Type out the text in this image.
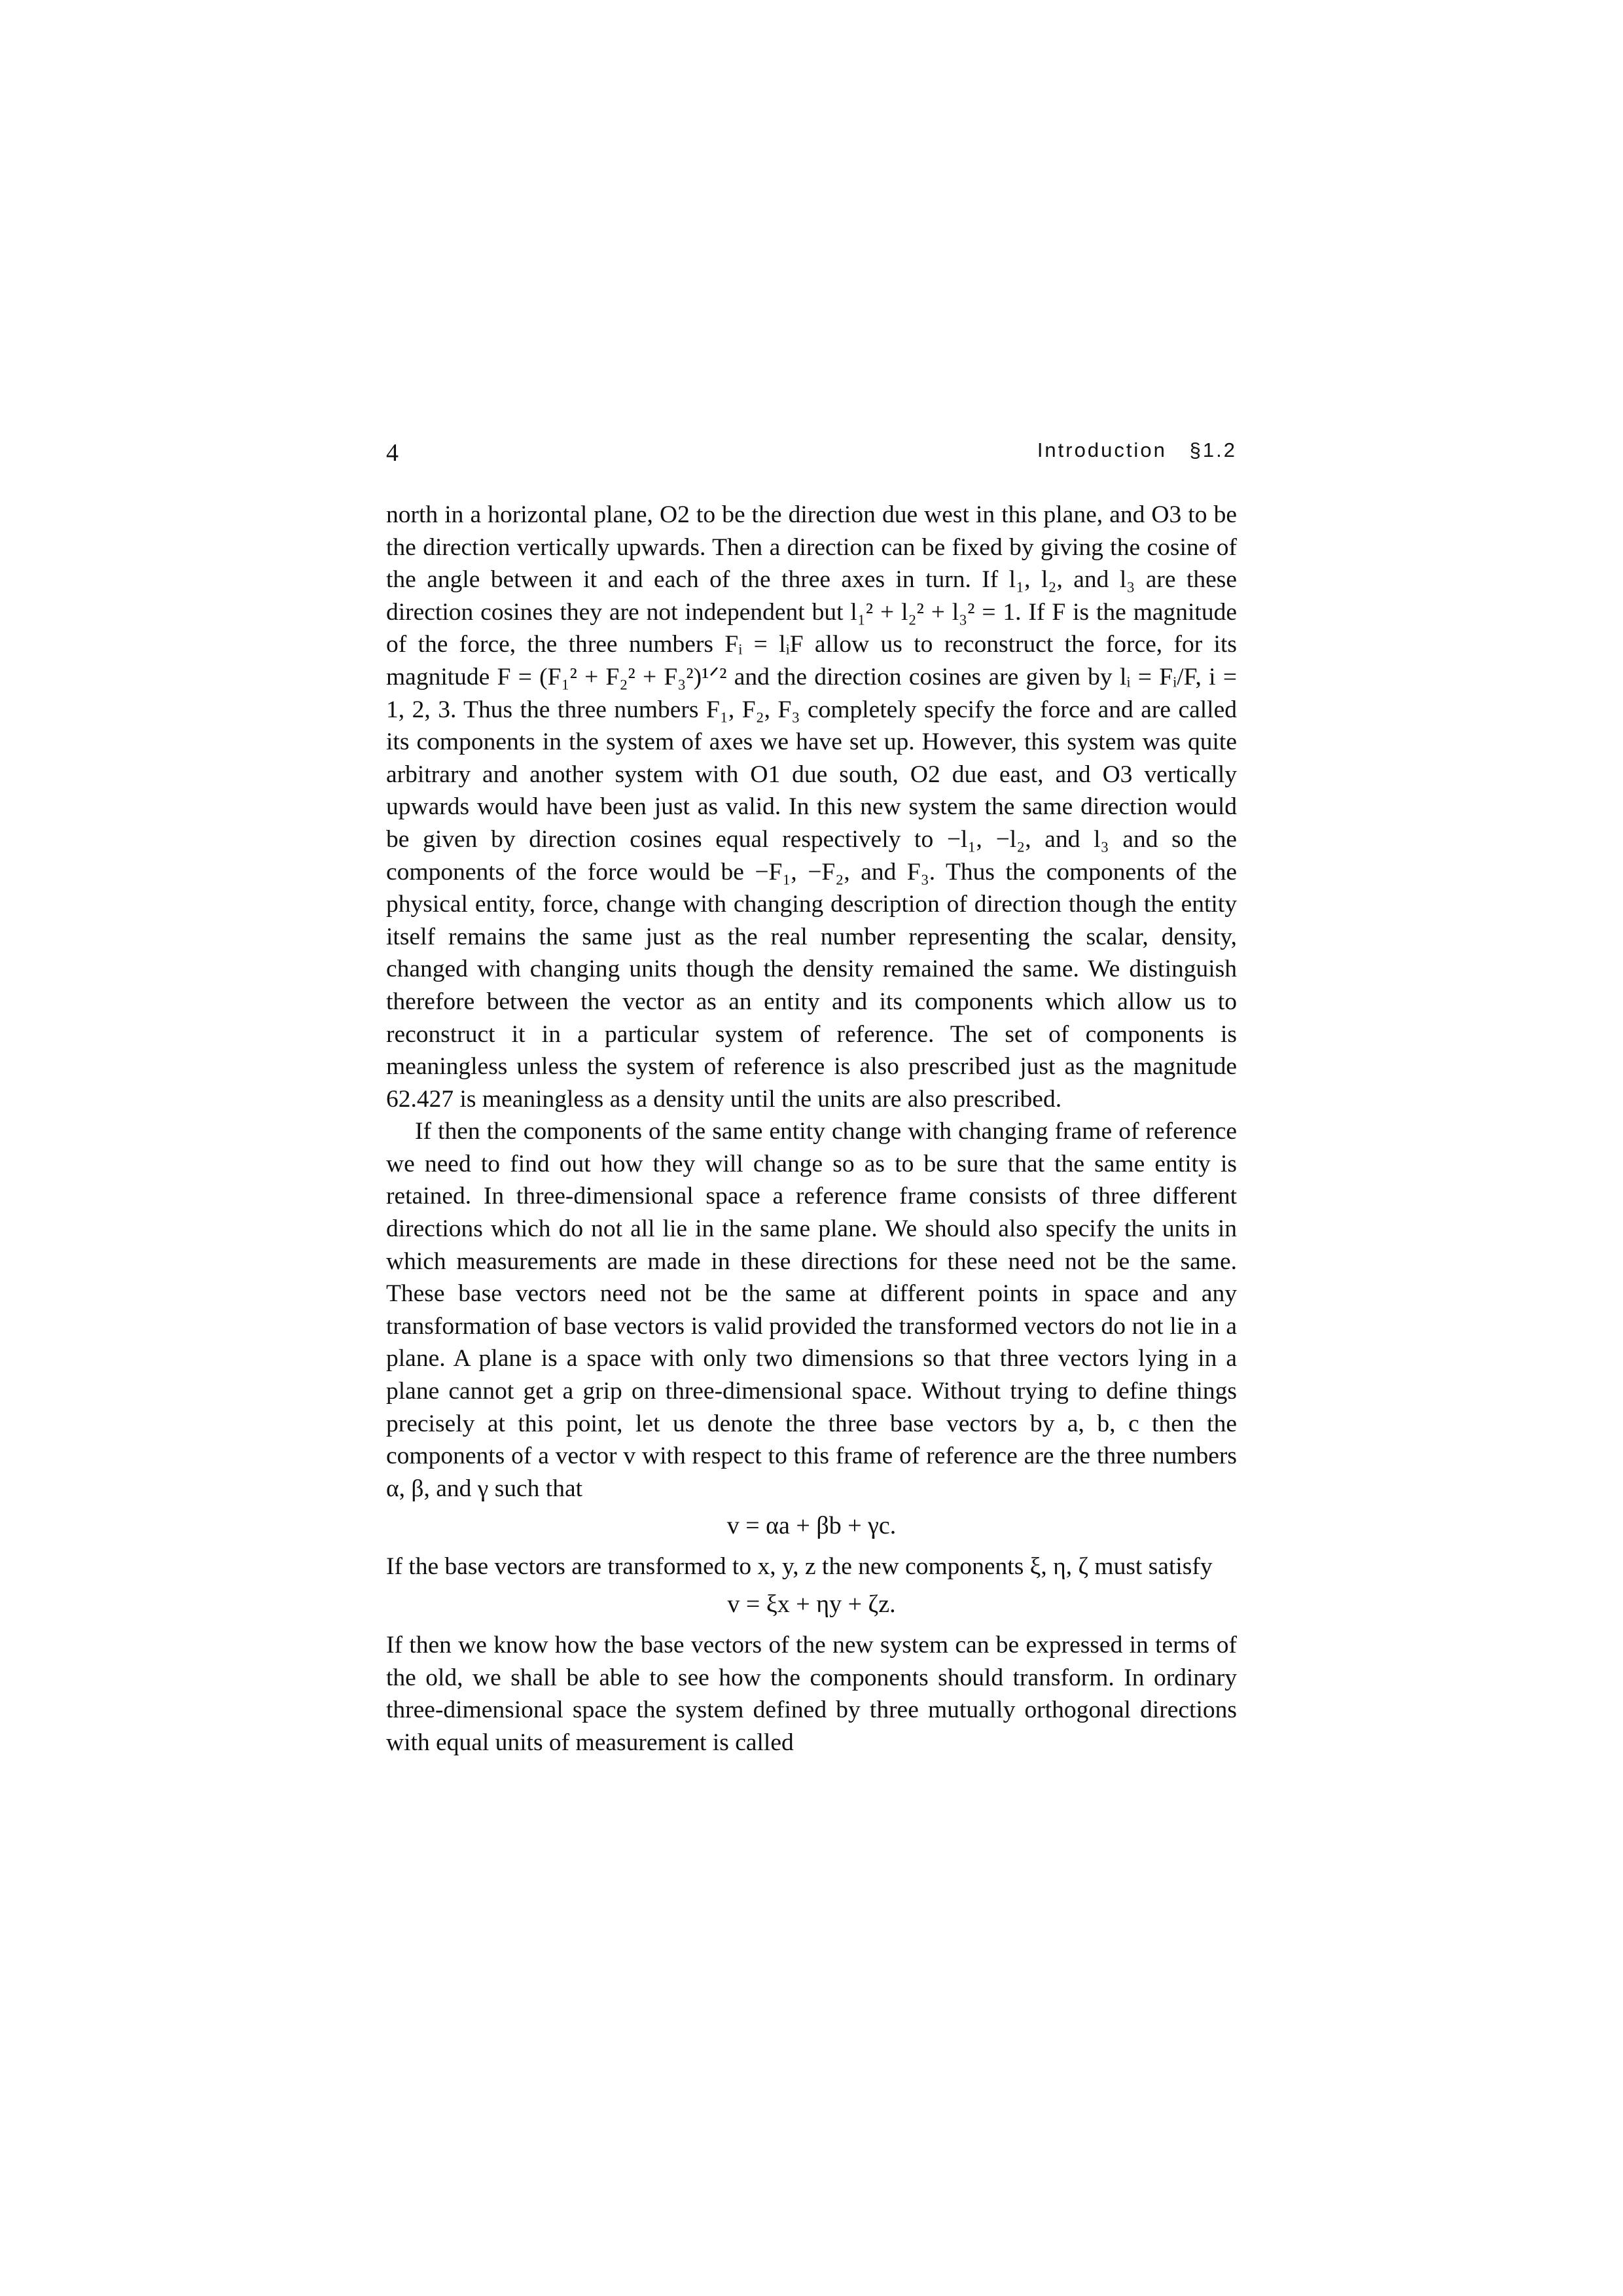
4	Introduction §1.2

north in a horizontal plane, O2 to be the direction due west in this plane, and O3 to be the direction vertically upwards. Then a direction can be fixed by giving the cosine of the angle between it and each of the three axes in turn. If l₁, l₂, and l₃ are these direction cosines they are not independent but l₁² + l₂² + l₃² = 1. If F is the magnitude of the force, the three numbers Fᵢ = lᵢF allow us to reconstruct the force, for its magnitude F = (F₁² + F₂² + F₃²)¹ᐟ² and the direction cosines are given by lᵢ = Fᵢ/F, i = 1, 2, 3. Thus the three numbers F₁, F₂, F₃ completely specify the force and are called its components in the system of axes we have set up. However, this system was quite arbitrary and another system with O1 due south, O2 due east, and O3 vertically upwards would have been just as valid. In this new system the same direction would be given by direction cosines equal respectively to −l₁, −l₂, and l₃ and so the components of the force would be −F₁, −F₂, and F₃. Thus the components of the physical entity, force, change with changing description of direction though the entity itself remains the same just as the real number representing the scalar, density, changed with changing units though the density remained the same. We distinguish therefore between the vector as an entity and its components which allow us to reconstruct it in a particular system of reference. The set of components is meaningless unless the system of reference is also prescribed just as the magnitude 62.427 is meaningless as a density until the units are also prescribed.

If then the components of the same entity change with changing frame of reference we need to find out how they will change so as to be sure that the same entity is retained. In three-dimensional space a reference frame consists of three different directions which do not all lie in the same plane. We should also specify the units in which measurements are made in these directions for these need not be the same. These base vectors need not be the same at different points in space and any transformation of base vectors is valid provided the transformed vectors do not lie in a plane. A plane is a space with only two dimensions so that three vectors lying in a plane cannot get a grip on three-dimensional space. Without trying to define things precisely at this point, let us denote the three base vectors by a, b, c then the components of a vector v with respect to this frame of reference are the three numbers α, β, and γ such that

v = αa + βb + γc.

If the base vectors are transformed to x, y, z the new components ξ, η, ζ must satisfy

v = ξx + ηy + ζz.

If then we know how the base vectors of the new system can be expressed in terms of the old, we shall be able to see how the components should transform. In ordinary three-dimensional space the system defined by three mutually orthogonal directions with equal units of measurement is called
